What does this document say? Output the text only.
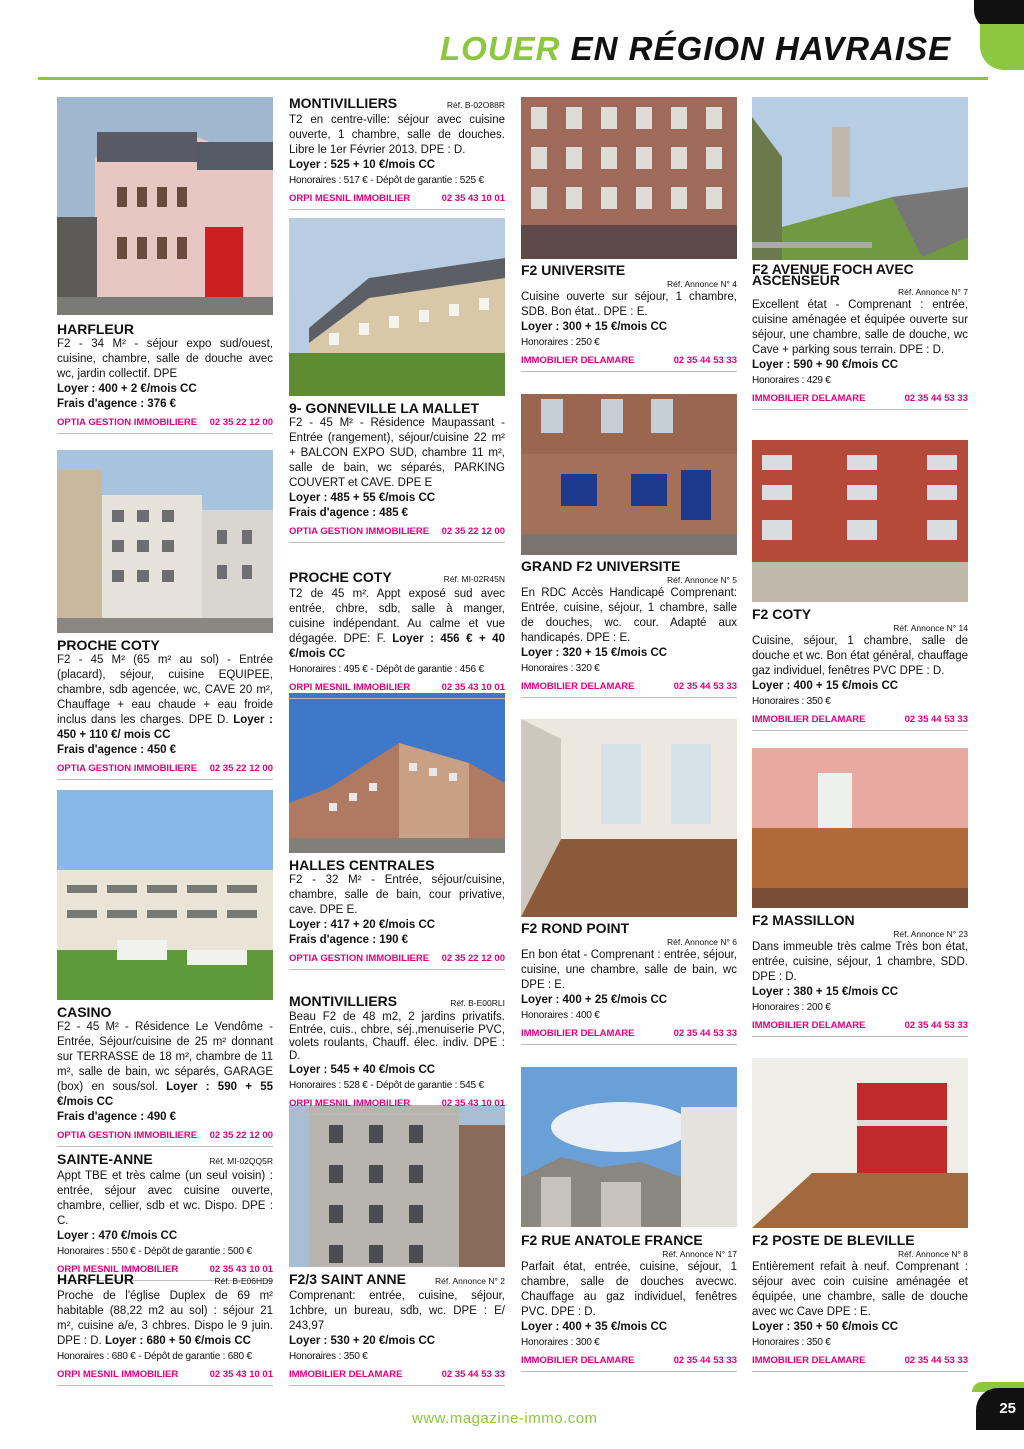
LOUER EN RÉGION HAVRAISE
HARFLEUR
F2 - 34 M² - séjour expo sud/ouest, cuisine, chambre, salle de douche avec wc, jardin collectif. DPE
Loyer : 400 + 2 €/mois CC
Frais d'agence : 376 €
OPTIA GESTION IMMOBILIERE 02 35 22 12 00
PROCHE COTY
F2 - 45 M² (65 m² au sol) - Entrée (placard), séjour, cuisine EQUIPEE, chambre, sdb agencée, wc, CAVE 20 m², Chauffage + eau chaude + eau froide inclus dans les charges. DPE D. Loyer : 450 + 110 €/ mois CC
Frais d'agence : 450 €
OPTIA GESTION IMMOBILIERE 02 35 22 12 00
CASINO
F2 - 45 M² - Résidence Le Vendôme - Entrée, Séjour/cuisine de 25 m² donnant sur TERRASSE de 18 m², chambre de 11 m², salle de bain, wc séparés, GARAGE (box) en sous/sol. Loyer : 590 + 55 €/mois CC
Frais d'agence : 490 €
OPTIA GESTION IMMOBILIERE 02 35 22 12 00
SAINTE-ANNE	Réf. MI-02QQ5R
Appt TBE et très calme (un seul voisin) : entrée, séjour avec cuisine ouverte, chambre, cellier, sdb et wc. Dispo. DPE : C.
Loyer : 470 €/mois CC
Honoraires : 550 € - Dépôt de garantie : 500 €
ORPI MESNIL IMMOBILIER	02 35 43 10 01
HARFLEUR	Réf. B-E06HD9
Proche de l'église Duplex de 69 m² habitable (88,22 m2 au sol) : séjour 21 m², cuisine a/e, 3 chbres. Dispo le 9 juin. DPE : D. Loyer : 680 + 50 €/mois CC
Honoraires : 680 € - Dépôt de garantie : 680 €
ORPI MESNIL IMMOBILIER	02 35 43 10 01
MONTIVILLIERS	Réf. B-02O88R
T2 en centre-ville: séjour avec cuisine ouverte, 1 chambre, salle de douches. Libre le 1er Février 2013. DPE : D.
Loyer : 525 + 10 €/mois CC
Honoraires : 517 € - Dépôt de garantie : 525 €
ORPI MESNIL IMMOBILIER	02 35 43 10 01
9- GONNEVILLE LA MALLET
F2 - 45 M² - Résidence Maupassant - Entrée (rangement), séjour/cuisine 22 m² + BALCON EXPO SUD, chambre 11 m², salle de bain, wc séparés, PARKING COUVERT et CAVE. DPE E
Loyer : 485 + 55 €/mois CC
Frais d'agence : 485 €
OPTIA GESTION IMMOBILIERE 02 35 22 12 00
PROCHE COTY	Réf. MI-02R45N
T2 de 45 m². Appt exposé sud avec entrée, chbre, sdb, salle à manger, cuisine indépendant. Au calme et vue dégagée. DPE: F. Loyer : 456 € + 40 €/mois CC
Honoraires : 495 € - Dépôt de garantie : 456 €
ORPI MESNIL IMMOBILIER	02 35 43 10 01
HALLES CENTRALES
F2 - 32 M² - Entrée, séjour/cuisine, chambre, salle de bain, cour privative, cave. DPE E.
Loyer : 417 + 20 €/mois CC
Frais d'agence : 190 €
OPTIA GESTION IMMOBILIERE 02 35 22 12 00
MONTIVILLIERS	Réf. B-E00RLI
Beau F2 de 48 m2, 2 jardins privatifs. Entrée, cuis., chbre, séj.,menuiserie PVC, volets roulants, Chauff. élec. indiv. DPE : D.
Loyer : 545 + 40 €/mois CC
Honoraires : 528 € - Dépôt de garantie : 545 €
ORPI MESNIL IMMOBILIER	02 35 43 10 01
F2/3 SAINT ANNE	Réf. Annonce N° 2
Comprenant: entrée, cuisine, séjour, 1chbre, un bureau, sdb, wc. DPE : E/ 243,97
Loyer : 530 + 20 €/mois CC
Honoraires : 350 €
IMMOBILIER DELAMARE	02 35 44 53 33
F2 UNIVERSITE
Réf. Annonce N° 4
Cuisine ouverte sur séjour, 1 chambre, SDB. Bon état.. DPE : E.
Loyer : 300 + 15 €/mois CC
Honoraires : 250 €
IMMOBILIER DELAMARE	02 35 44 53 33
GRAND F2 UNIVERSITE
Réf. Annonce N° 5
En RDC Accès Handicapé Comprenant: Entrée, cuisine, séjour, 1 chambre, salle de douches, wc. cour. Adapté aux handicapés. DPE : E.
Loyer : 320 + 15 €/mois CC
Honoraires : 320 €
IMMOBILIER DELAMARE	02 35 44 53 33
F2 ROND POINT
Réf. Annonce N° 6
En bon état - Comprenant : entrée, séjour, cuisine, une chambre, salle de bain, wc DPE : E.
Loyer : 400 + 25 €/mois CC
Honoraires : 400 €
IMMOBILIER DELAMARE	02 35 44 53 33
F2 RUE ANATOLE FRANCE
Réf. Annonce N° 17
Parfait état, entrée, cuisine, séjour, 1 chambre, salle de douches avecwc. Chauffage au gaz individuel, fenêtres PVC. DPE : D.
Loyer : 400 + 35 €/mois CC
Honoraires : 300 €
IMMOBILIER DELAMARE	02 35 44 53 33
F2 AVENUE FOCH AVEC ASCENSEUR
Réf. Annonce N° 7
Excellent état - Comprenant : entrée, cuisine aménagée et équipée ouverte sur séjour, une chambre, salle de douche, wc Cave + parking sous terrain. DPE : D.
Loyer : 590 + 90 €/mois CC
Honoraires : 429 €
IMMOBILIER DELAMARE	02 35 44 53 33
F2 COTY
Réf. Annonce N° 14
Cuisine, séjour, 1 chambre, salle de douche et wc. Bon état général, chauffage gaz individuel, fenêtres PVC DPE : D.
Loyer : 400 + 15 €/mois CC
Honoraires : 350 €
IMMOBILIER DELAMARE	02 35 44 53 33
F2 MASSILLON
Réf. Annonce N° 23
Dans immeuble très calme Très bon état, entrée, cuisine, séjour, 1 chambre, SDD. DPE : D.
Loyer : 380 + 15 €/mois CC
Honoraires : 200 €
IMMOBILIER DELAMARE	02 35 44 53 33
F2 POSTE DE BLEVILLE
Réf. Annonce N° 8
Entièrement refait à neuf. Comprenant : séjour avec coin cuisine aménagée et équipée, une chambre, salle de douche avec wc Cave DPE : E.
Loyer : 350 + 50 €/mois CC
Honoraires : 350 €
IMMOBILIER DELAMARE	02 35 44 53 33
www.magazine-immo.com
25
